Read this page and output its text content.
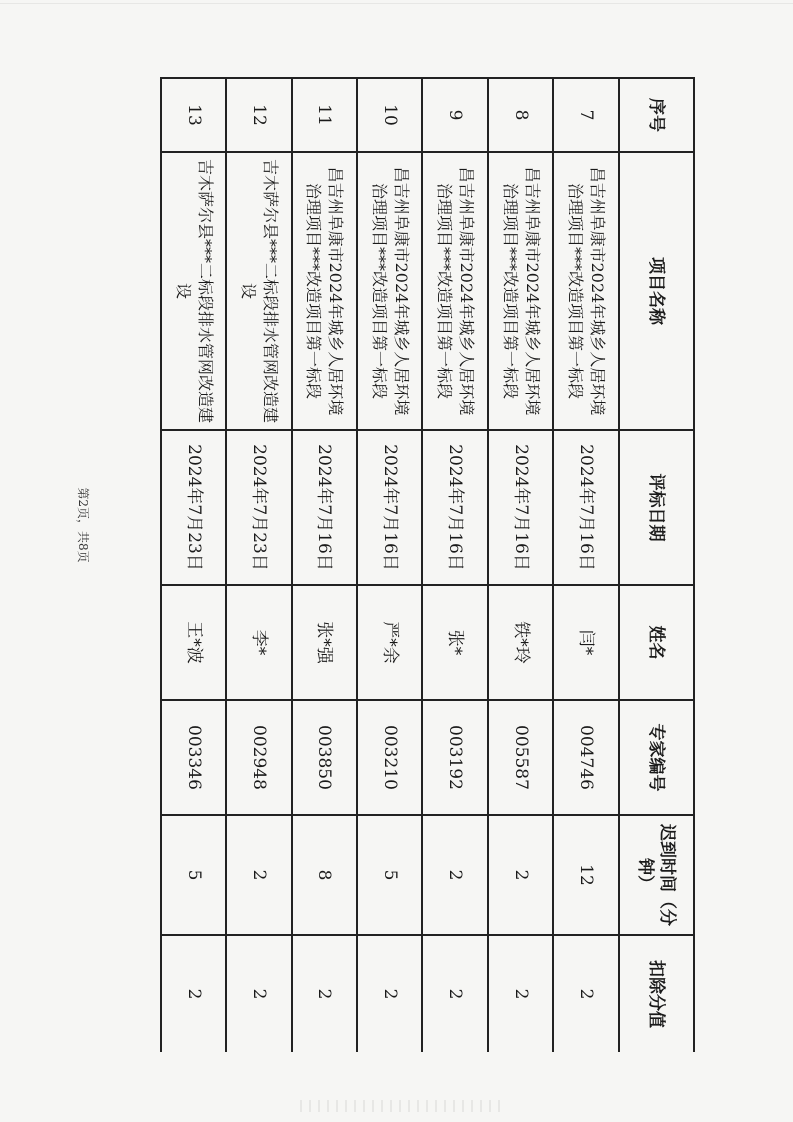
序号	项目名称	评标日期	姓名	专家编号	迟到时间（分钟）	扣除分值
7	昌吉州阜康市2024年城乡人居环境治理项目***改造项目第一标段	2024年7月16日	闫*	004746	12	2
8	昌吉州阜康市2024年城乡人居环境治理项目***改造项目第一标段	2024年7月16日	铁*玲	005587	2	2
9	昌吉州阜康市2024年城乡人居环境治理项目***改造项目第一标段	2024年7月16日	张*	003192	2	2
10	昌吉州阜康市2024年城乡人居环境治理项目***改造项目第一标段	2024年7月16日	严*余	003210	5	2
11	昌吉州阜康市2024年城乡人居环境治理项目***改造项目第一标段	2024年7月16日	张*强	003850	8	2
12	吉木萨尔县***二标段排水管网改造建设	2024年7月23日	李*	002948	2	2
13	吉木萨尔县***二标段排水管网改造建设	2024年7月23日	王*波	003346	5	2
第2页，共8页
